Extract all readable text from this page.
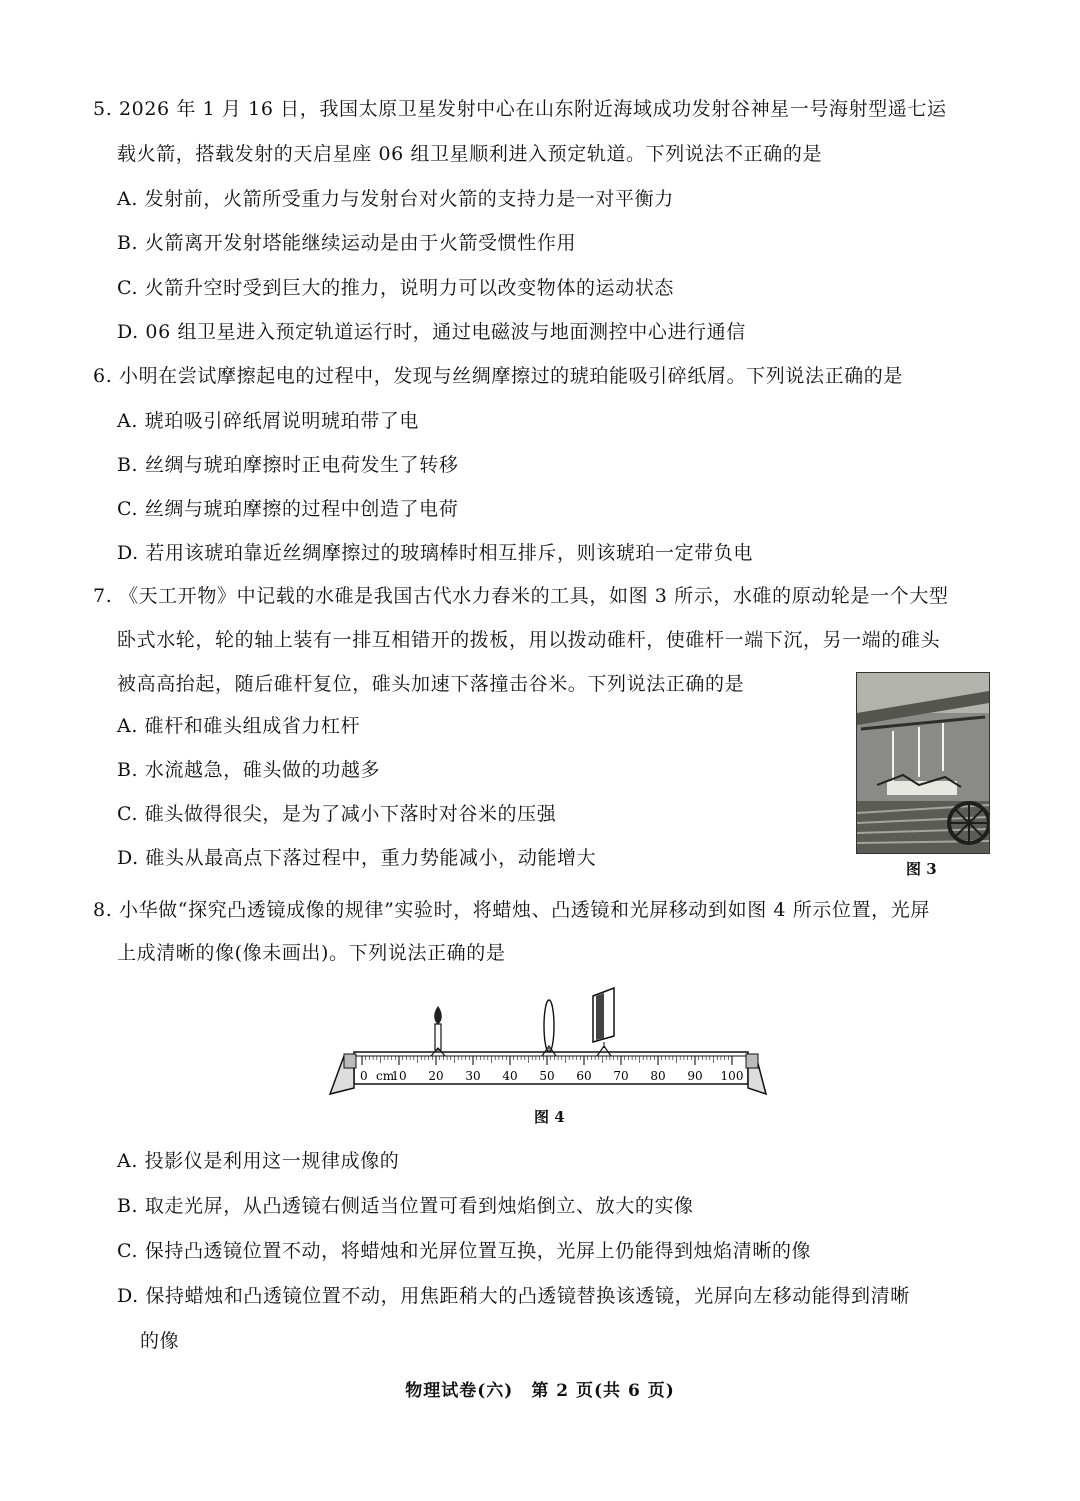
5. 2026 年 1 月 16 日，我国太原卫星发射中心在山东附近海域成功发射谷神星一号海射型遥七运
载火箭，搭载发射的天启星座 06 组卫星顺利进入预定轨道。下列说法不正确的是
A. 发射前，火箭所受重力与发射台对火箭的支持力是一对平衡力
B. 火箭离开发射塔能继续运动是由于火箭受惯性作用
C. 火箭升空时受到巨大的推力，说明力可以改变物体的运动状态
D. 06 组卫星进入预定轨道运行时，通过电磁波与地面测控中心进行通信
6. 小明在尝试摩擦起电的过程中，发现与丝绸摩擦过的琥珀能吸引碎纸屑。下列说法正确的是
A. 琥珀吸引碎纸屑说明琥珀带了电
B. 丝绸与琥珀摩擦时正电荷发生了转移
C. 丝绸与琥珀摩擦的过程中创造了电荷
D. 若用该琥珀靠近丝绸摩擦过的玻璃棒时相互排斥，则该琥珀一定带负电
7. 《天工开物》中记载的水碓是我国古代水力舂米的工具，如图 3 所示，水碓的原动轮是一个大型
卧式水轮，轮的轴上装有一排互相错开的拨板，用以拨动碓杆，使碓杆一端下沉，另一端的碓头
被高高抬起，随后碓杆复位，碓头加速下落撞击谷米。下列说法正确的是
A. 碓杆和碓头组成省力杠杆
B. 水流越急，碓头做的功越多
C. 碓头做得很尖，是为了减小下落时对谷米的压强
D. 碓头从最高点下落过程中，重力势能减小，动能增大	图 3
8. 小华做“探究凸透镜成像的规律”实验时，将蜡烛、凸透镜和光屏移动到如图 4 所示位置，光屏
上成清晰的像(像未画出)。下列说法正确的是
0 10 20 30 40 50 60 70 80 90 100
cm
图 4
A. 投影仪是利用这一规律成像的
B. 取走光屏，从凸透镜右侧适当位置可看到烛焰倒立、放大的实像
C. 保持凸透镜位置不动，将蜡烛和光屏位置互换，光屏上仍能得到烛焰清晰的像
D. 保持蜡烛和凸透镜位置不动，用焦距稍大的凸透镜替换该透镜，光屏向左移动能得到清晰
的像
物理试卷(六)　第 2 页(共 6 页)
